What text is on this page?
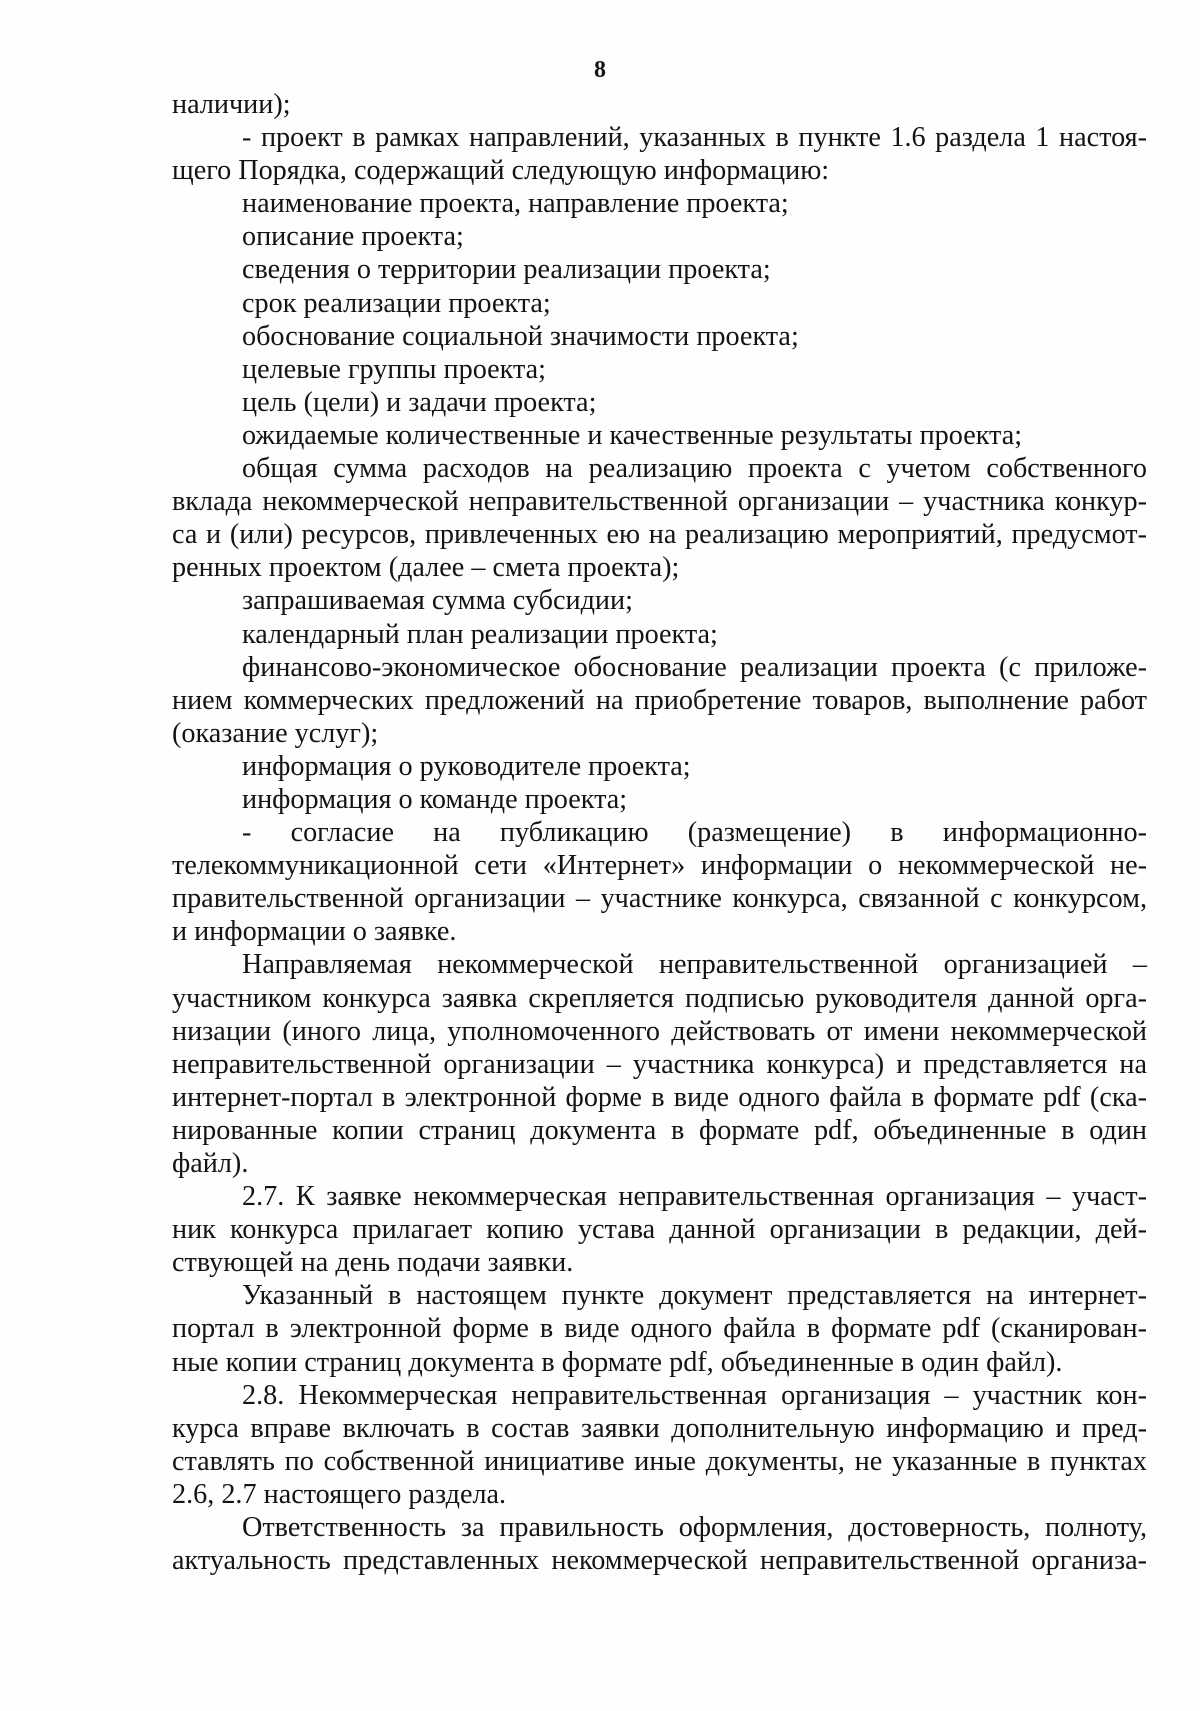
8
наличии);
- проект в рамках направлений, указанных в пункте 1.6 раздела 1 настоя-
щего Порядка, содержащий следующую информацию:
наименование проекта, направление проекта;
описание проекта;
сведения о территории реализации проекта;
срок реализации проекта;
обоснование социальной значимости проекта;
целевые группы проекта;
цель (цели) и задачи проекта;
ожидаемые количественные и качественные результаты проекта;
общая сумма расходов на реализацию проекта с учетом собственного
вклада некоммерческой неправительственной организации – участника конкур-
са и (или) ресурсов, привлеченных ею на реализацию мероприятий, предусмот-
ренных проектом (далее – смета проекта);
запрашиваемая сумма субсидии;
календарный план реализации проекта;
финансово-экономическое обоснование реализации проекта (с приложе-
нием коммерческих предложений на приобретение товаров, выполнение работ
(оказание услуг);
информация о руководителе проекта;
информация о команде проекта;
- согласие на публикацию (размещение) в информационно-
телекоммуникационной сети «Интернет» информации о некоммерческой не-
правительственной организации – участнике конкурса, связанной с конкурсом,
и информации о заявке.
Направляемая некоммерческой неправительственной организацией –
участником конкурса заявка скрепляется подписью руководителя данной орга-
низации (иного лица, уполномоченного действовать от имени некоммерческой
неправительственной организации – участника конкурса) и представляется на
интернет-портал в электронной форме в виде одного файла в формате pdf (ска-
нированные копии страниц документа в формате pdf, объединенные в один
файл).
2.7. К заявке некоммерческая неправительственная организация – участ-
ник конкурса прилагает копию устава данной организации в редакции, дей-
ствующей на день подачи заявки.
Указанный в настоящем пункте документ представляется на интернет-
портал в электронной форме в виде одного файла в формате pdf (сканирован-
ные копии страниц документа в формате pdf, объединенные в один файл).
2.8. Некоммерческая неправительственная организация – участник кон-
курса вправе включать в состав заявки дополнительную информацию и пред-
ставлять по собственной инициативе иные документы, не указанные в пунктах
2.6, 2.7 настоящего раздела.
Ответственность за правильность оформления, достоверность, полноту,
актуальность представленных некоммерческой неправительственной организа-
